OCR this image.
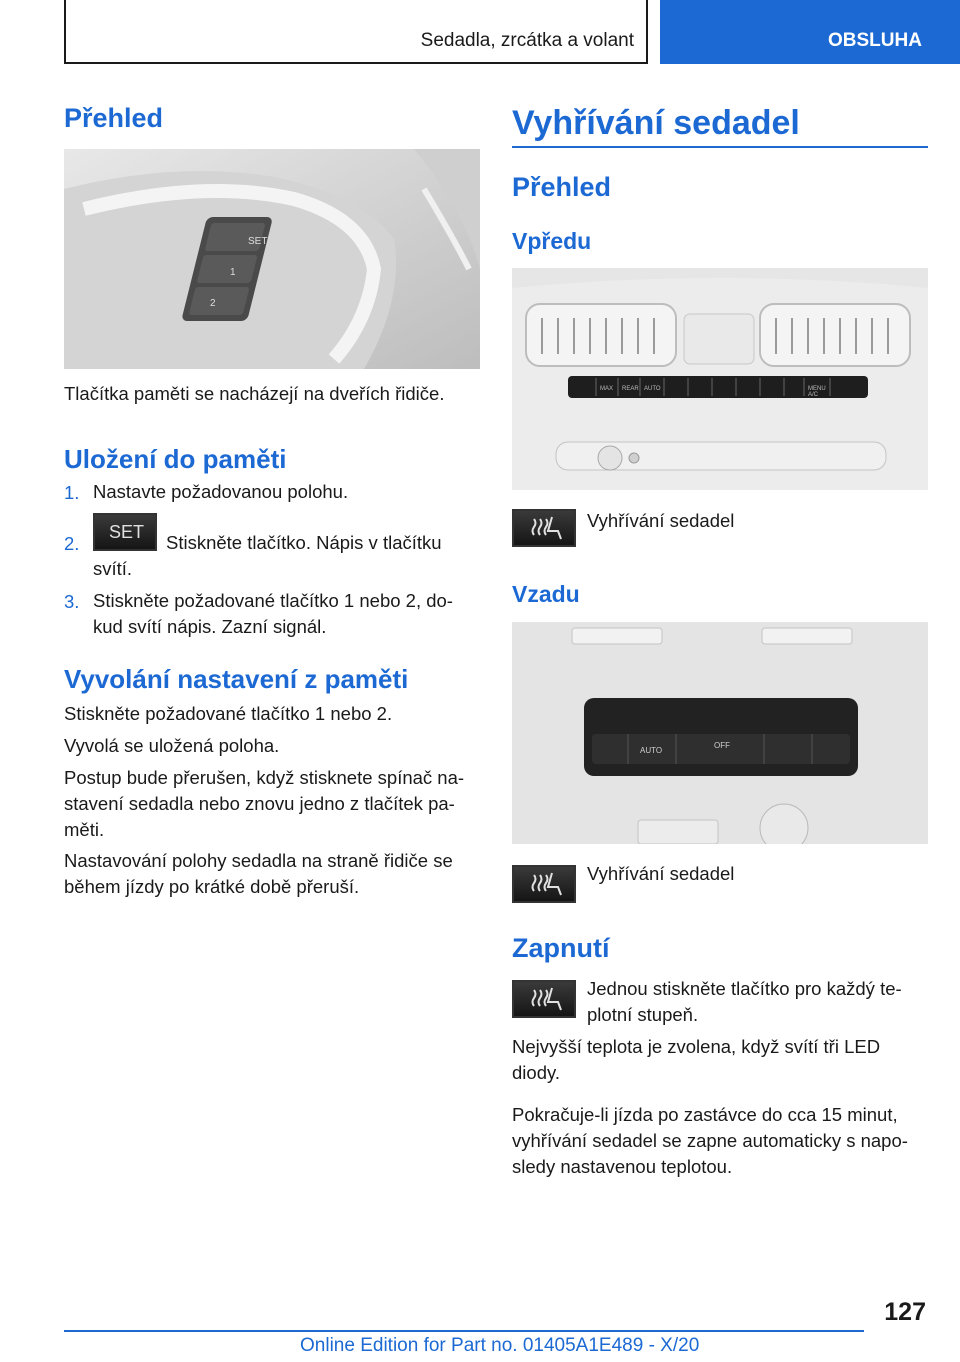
Sedadla, zrcátka a volant	OBSLUHA
Přehled
SET
1
2
Tlačítka paměti se nacházejí na dveřích řidiče.
Uložení do paměti
1. Nastavte požadovanou polohu.
2.
SET Stiskněte tlačítko. Nápis v tlačítku
svítí.
3. Stiskněte požadované tlačítko 1 nebo 2, do-
kud svítí nápis. Zazní signál.
Vyvolání nastavení z paměti
Stiskněte požadované tlačítko 1 nebo 2.
Vyvolá se uložená poloha.
Postup bude přerušen, když stisknete spínač na-
stavení sedadla nebo znovu jedno z tlačítek pa-
měti.
Nastavování polohy sedadla na straně řidiče se
během jízdy po krátké době přeruší.
Vyhřívání sedadel
Přehled
Vpředu
MAX REAR AUTO	MENU
A/C
Vyhřívání sedadel
Vzadu
AUTO
OFF
Vyhřívání sedadel
Zapnutí
Jednou stiskněte tlačítko pro každý te-
plotní stupeň.
Nejvyšší teplota je zvolena, když svítí tři LED
diody.
Pokračuje-li jízda po zastávce do cca 15 minut,
vyhřívání sedadel se zapne automaticky s napo-
sledy nastavenou teplotou.
127
Online Edition for Part no. 01405A1E489 - X/20
